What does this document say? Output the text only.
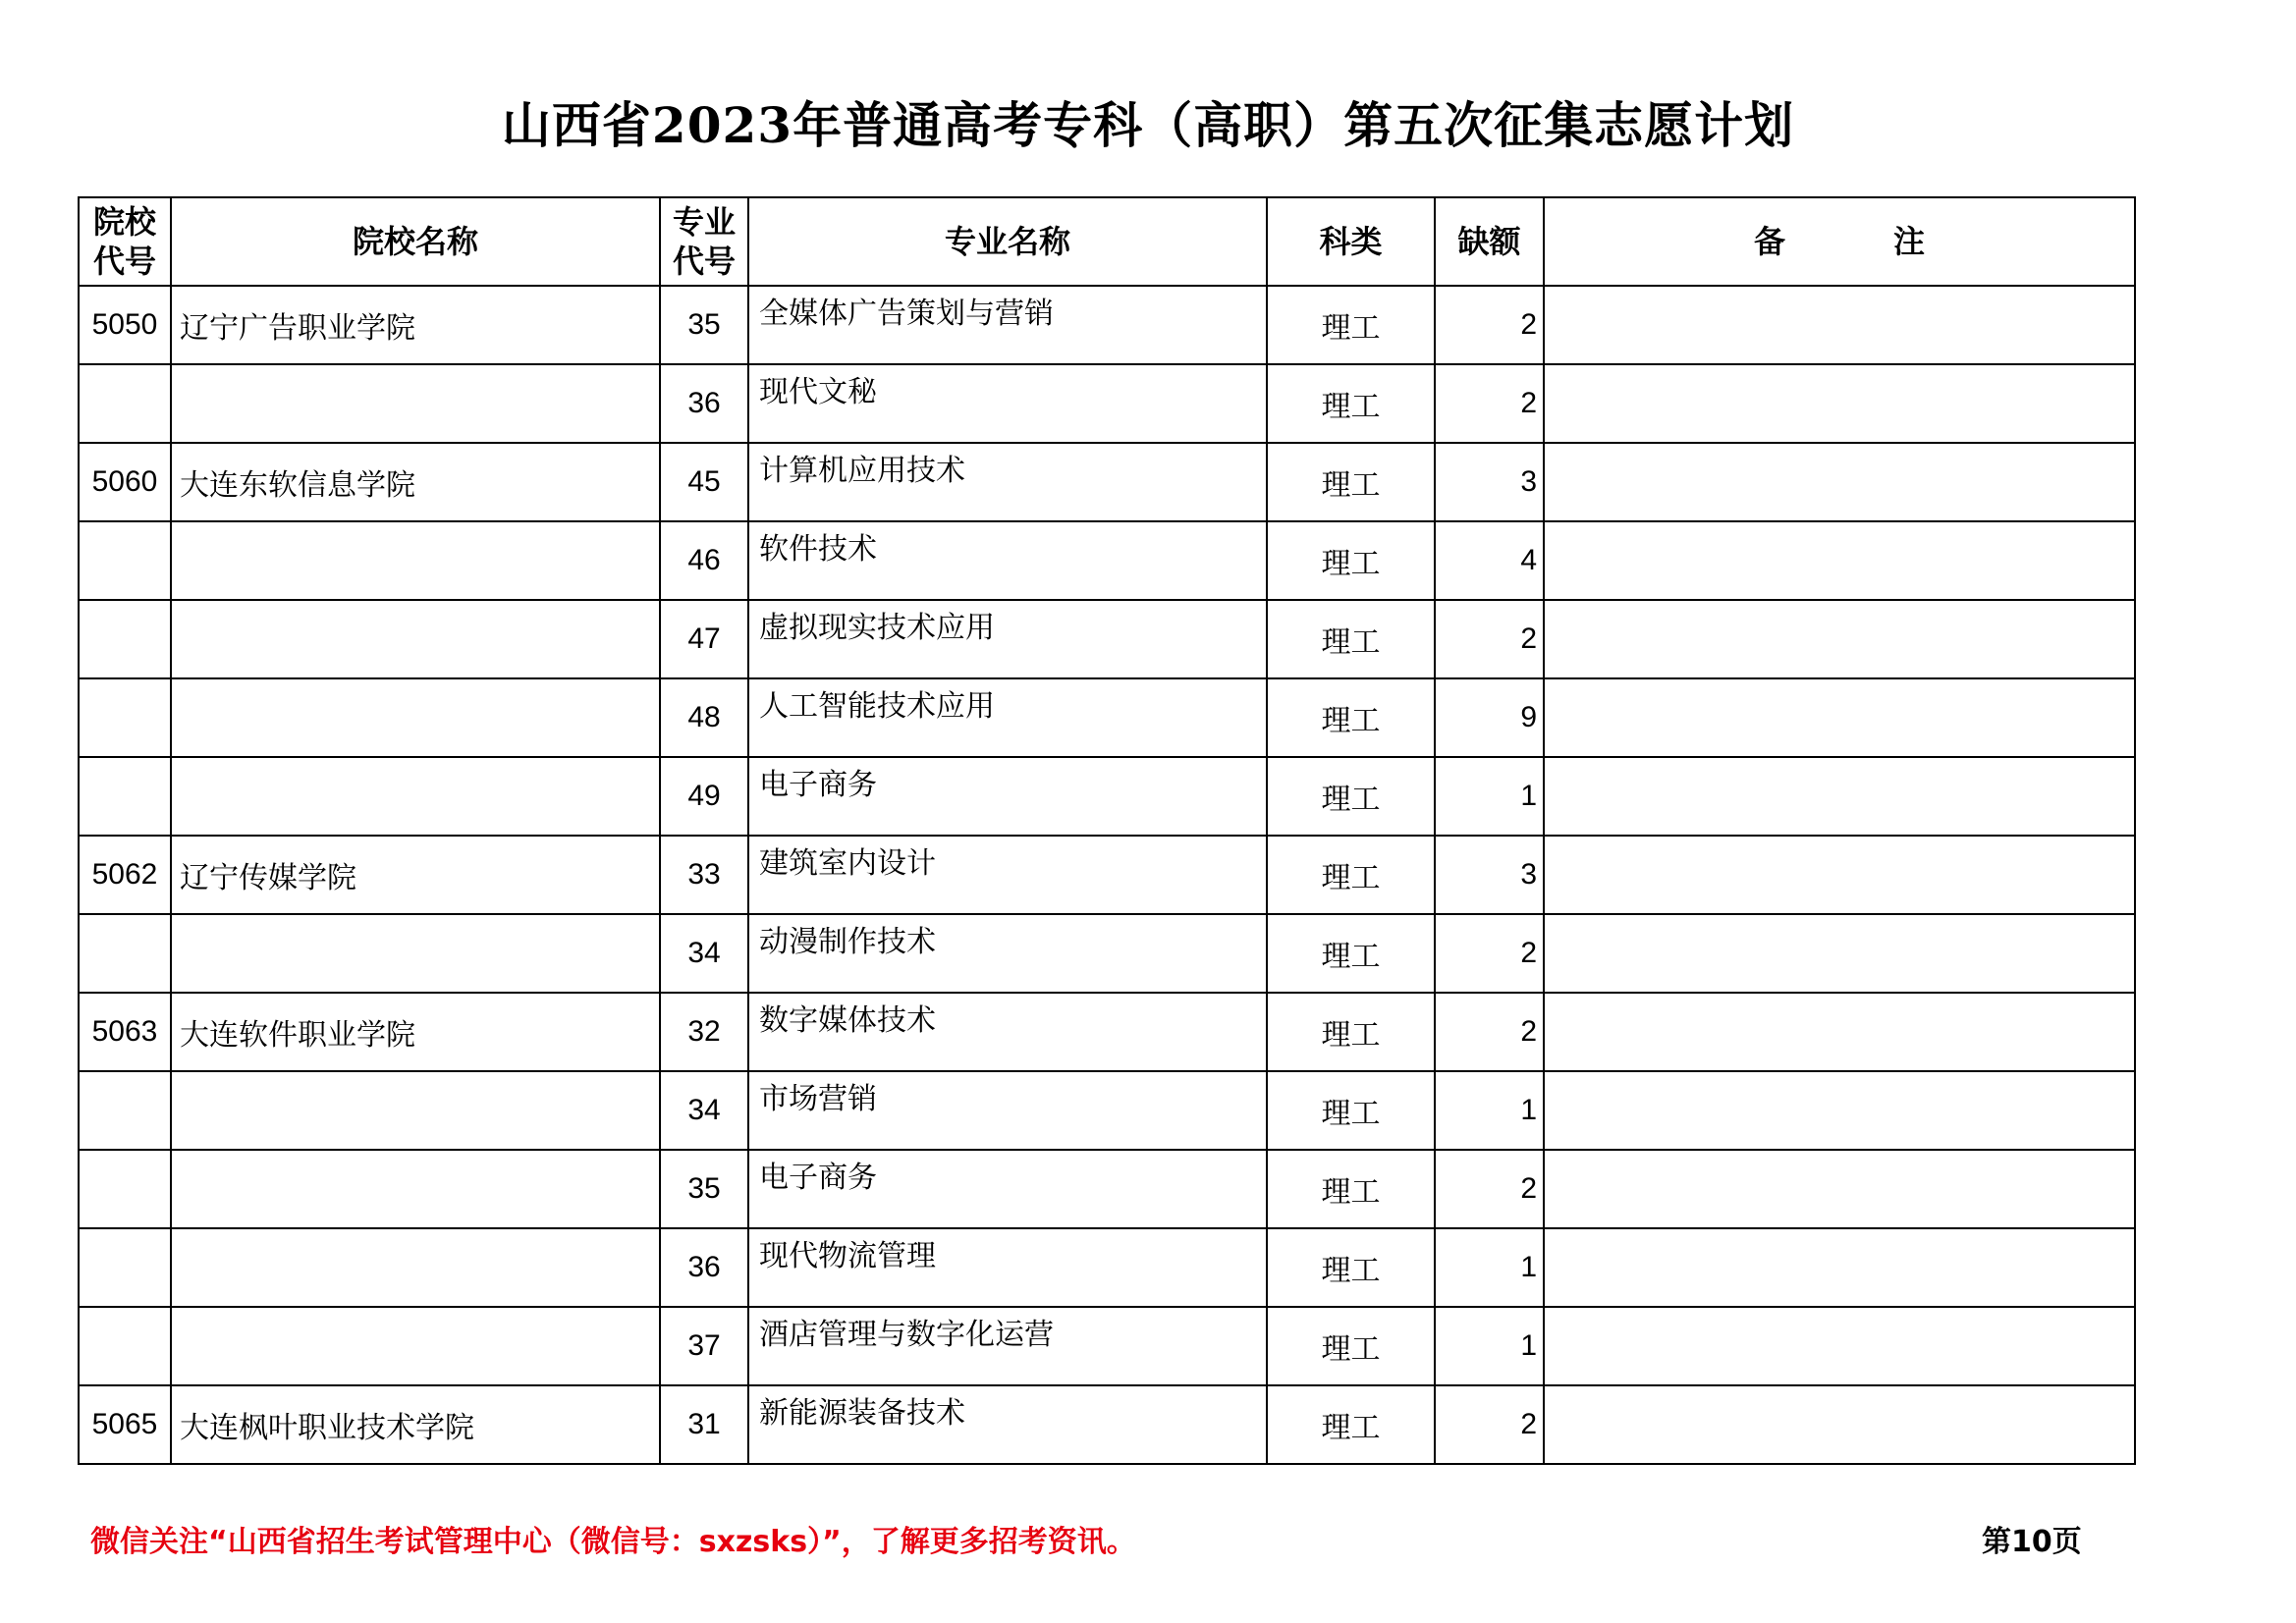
山西省2023年普通高考专科（高职）第五次征集志愿计划
院校代号	院校名称	专业代号	专业名称	科类	缺额	备 注
5050	辽宁广告职业学院	35	全媒体广告策划与营销	理工	2	
		36	现代文秘	理工	2	
5060	大连东软信息学院	45	计算机应用技术	理工	3	
		46	软件技术	理工	4	
		47	虚拟现实技术应用	理工	2	
		48	人工智能技术应用	理工	9	
		49	电子商务	理工	1	
5062	辽宁传媒学院	33	建筑室内设计	理工	3	
		34	动漫制作技术	理工	2	
5063	大连软件职业学院	32	数字媒体技术	理工	2	
		34	市场营销	理工	1	
		35	电子商务	理工	2	
		36	现代物流管理	理工	1	
		37	酒店管理与数字化运营	理工	1	
5065	大连枫叶职业技术学院	31	新能源装备技术	理工	2	
微信关注“山西省招生考试管理中心（微信号：sxzsks）”，了解更多招考资讯。	第10页
